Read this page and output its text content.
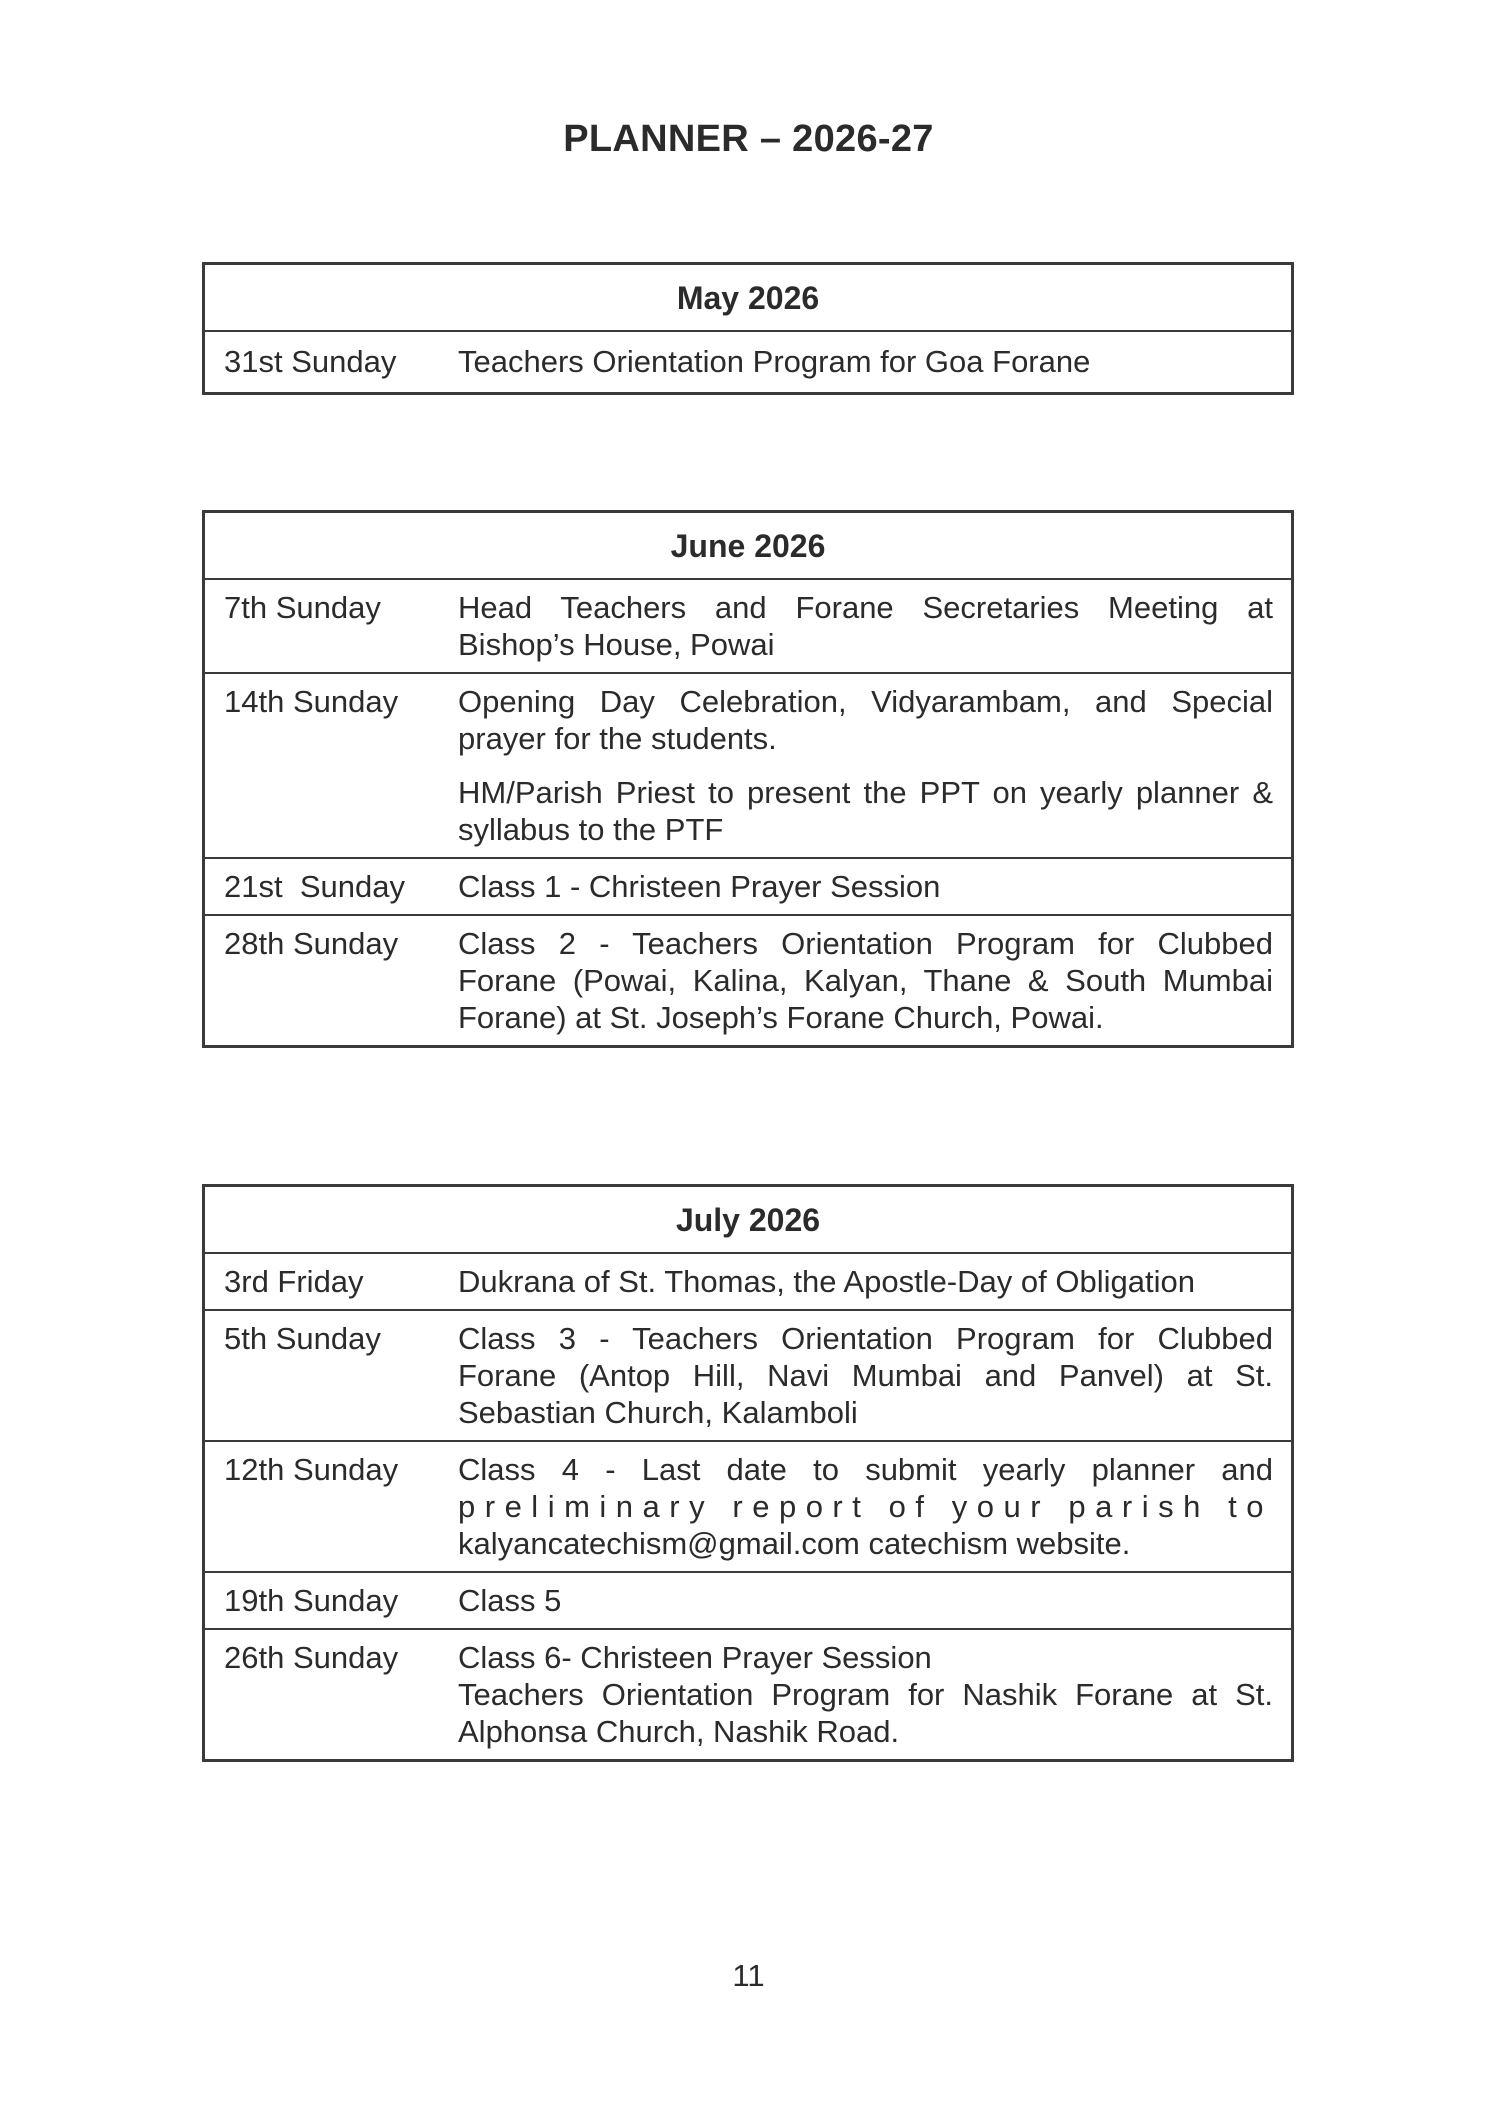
PLANNER – 2026-27
May 2026
31st Sunday	Teachers Orientation Program for Goa Forane

June 2026
7th Sunday	Head Teachers and Forane Secretaries Meeting at Bishop’s House, Powai

14th Sunday	Opening Day Celebration, Vidyarambam, and Special prayer for the students.

HM/Parish Priest to present the PPT on yearly planner & syllabus to the PTF

21st  Sunday	Class 1 - Christeen Prayer Session

28th Sunday	Class 2 - Teachers Orientation Program for Clubbed Forane (Powai, Kalina, Kalyan, Thane & South Mumbai Forane) at St. Joseph’s Forane Church, Powai.

July 2026
3rd Friday	Dukrana of St. Thomas, the Apostle-Day of Obligation

5th Sunday	Class 3 - Teachers Orientation Program for Clubbed Forane (Antop Hill, Navi Mumbai and Panvel) at St. Sebastian Church, Kalamboli

12th Sunday	Class 4 - Last date to submit yearly planner and
preliminary report of your parish to
kalyancatechism@gmail.com catechism website.
19th Sunday	Class 5

26th Sunday	Class 6- Christeen Prayer Session
Teachers Orientation Program for Nashik Forane at St. Alphonsa Church, Nashik Road.
11
